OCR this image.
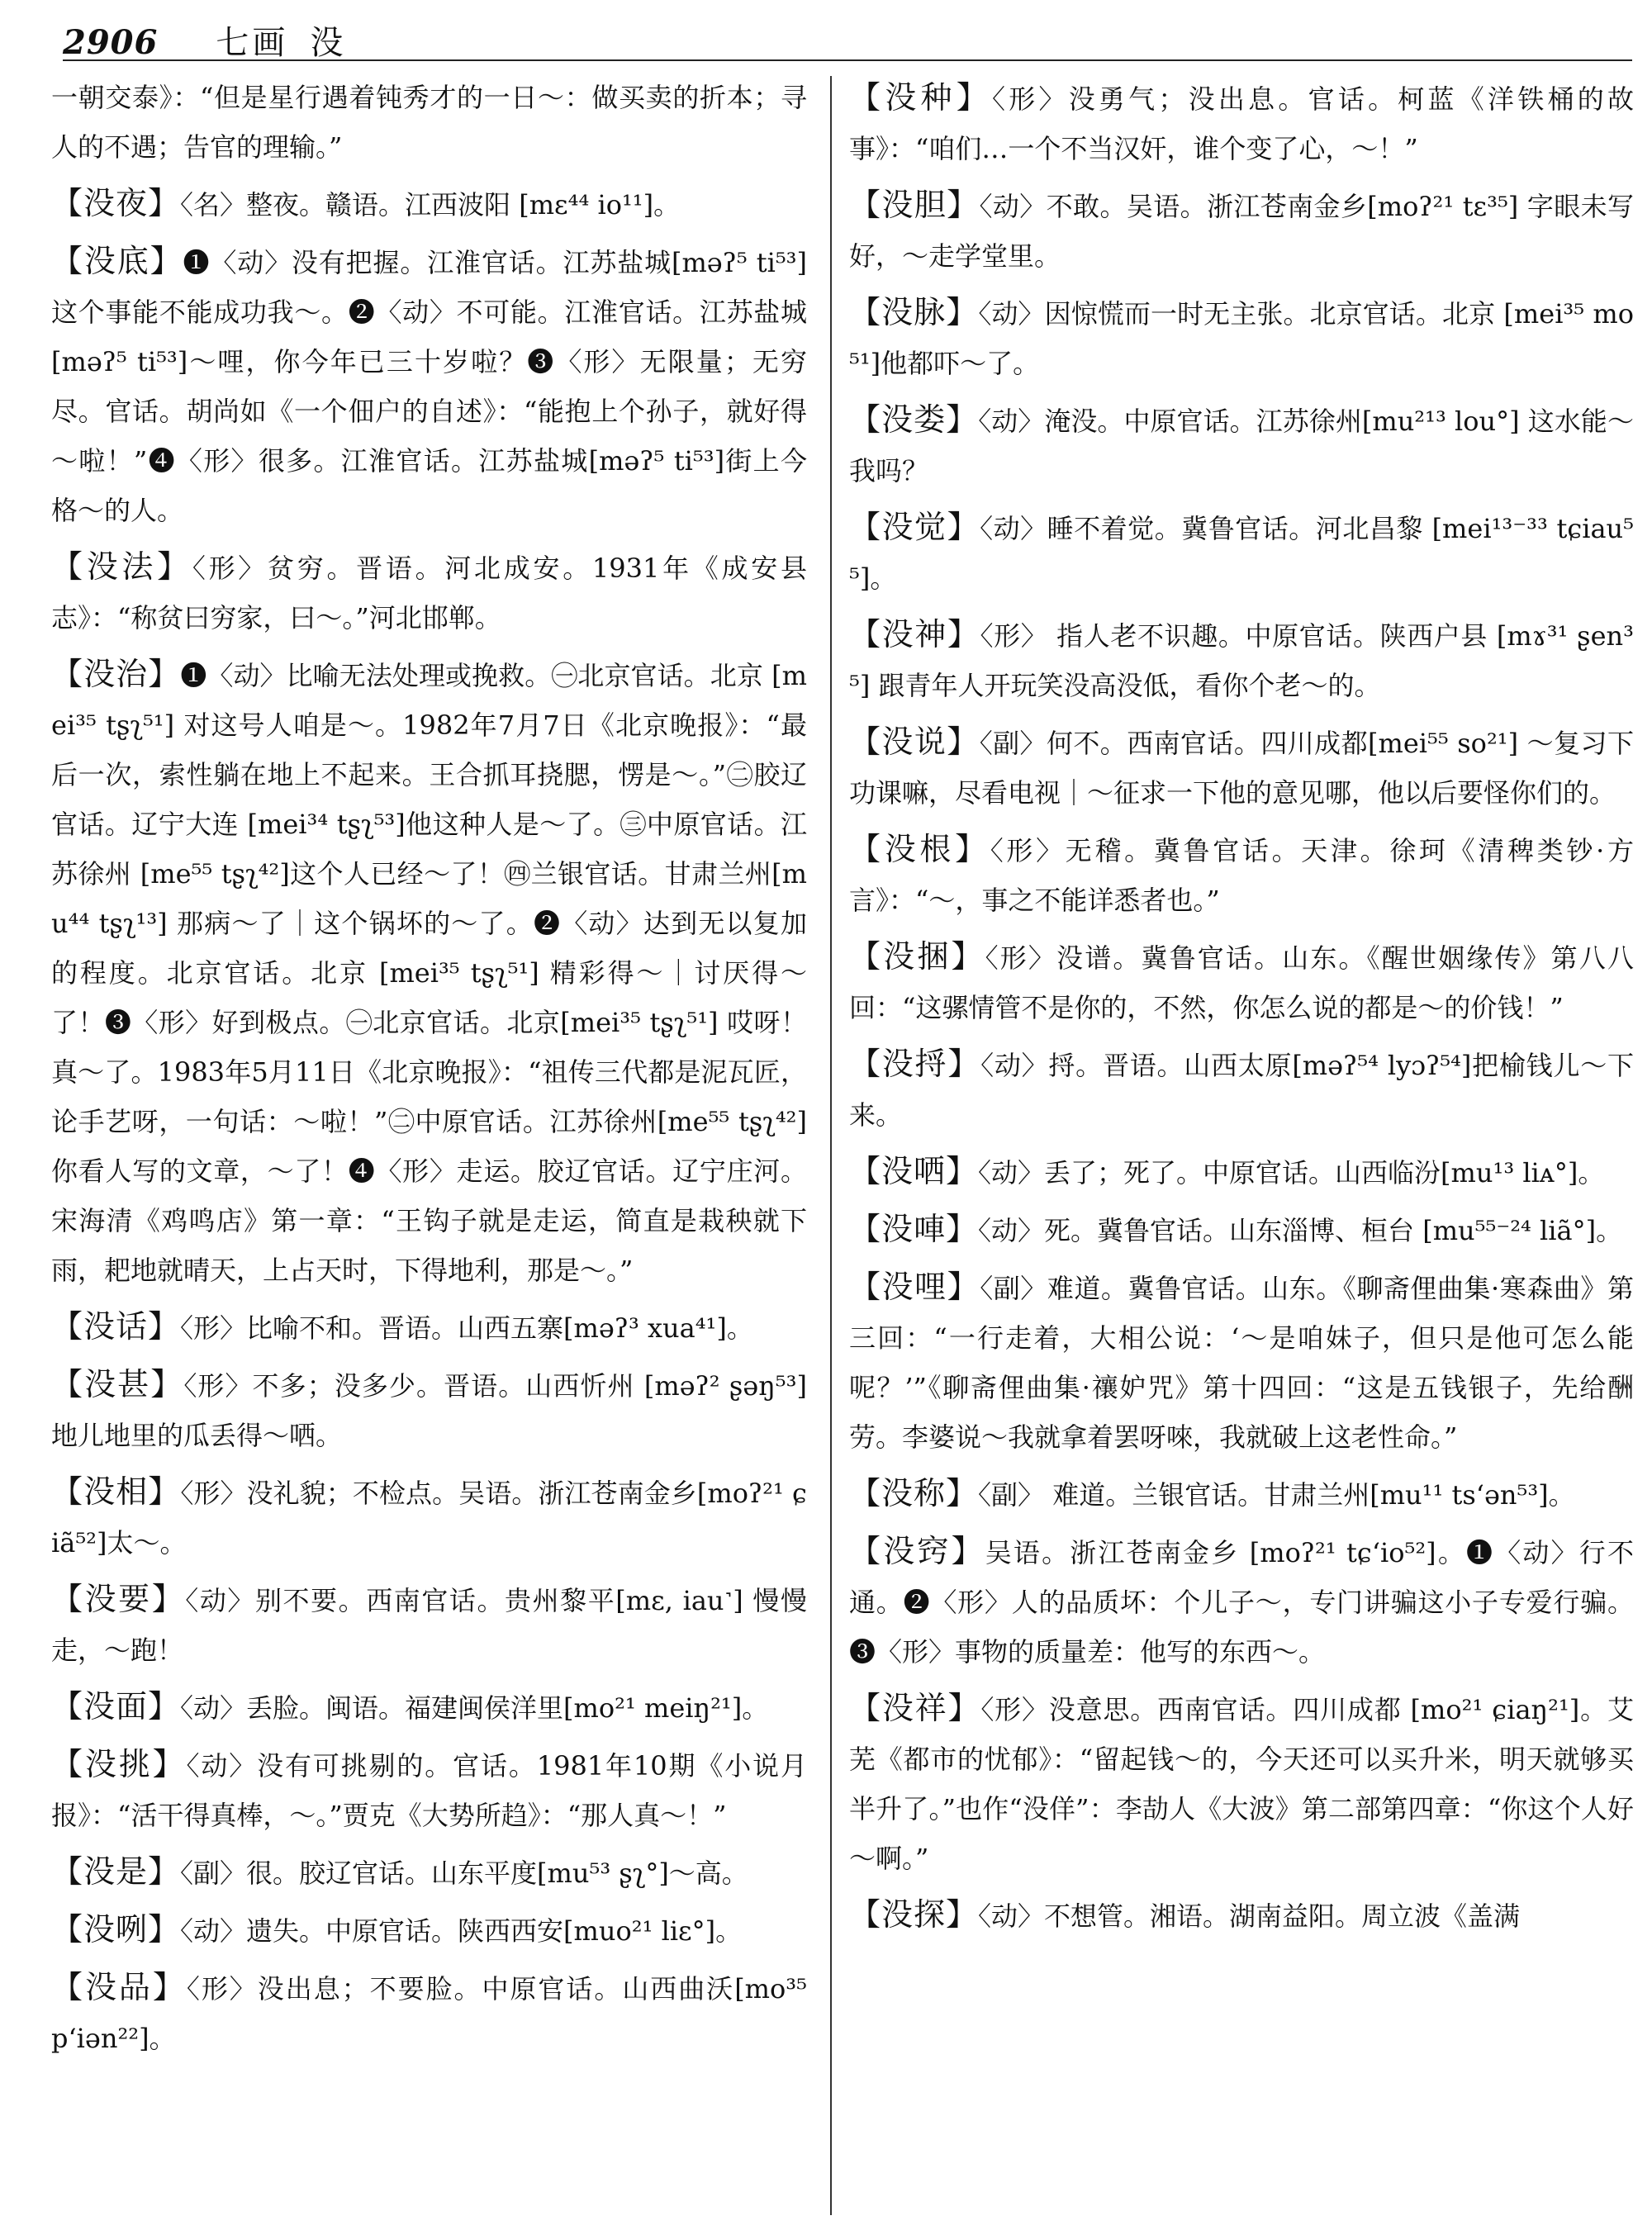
2906 七画 没
一朝交泰》：“但是星行遇着钝秀才的一日～：做买卖的折本；寻人的不遇；告官的理输。”

【没夜】〈名〉整夜。赣语。江西波阳 [mɛ⁴⁴ io¹¹]。

【没底】❶〈动〉没有把握。江淮官话。江苏盐城[məʔ⁵ ti⁵³]这个事能不能成功我～。❷〈动〉不可能。江淮官话。江苏盐城[məʔ⁵ ti⁵³]～哩，你今年已三十岁啦？❸〈形〉无限量；无穷尽。官话。胡尚如《一个佃户的自述》：“能抱上个孙子，就好得～啦！”❹〈形〉很多。江淮官话。江苏盐城[məʔ⁵ ti⁵³]街上今格～的人。

【没法】〈形〉贫穷。晋语。河北成安。1931年《成安县志》：“称贫曰穷家，曰～。”河北邯郸。

【没治】❶〈动〉比喻无法处理或挽救。㊀北京官话。北京 [mei³⁵ tʂʅ⁵¹] 对这号人咱是～。1982年7月7日《北京晚报》：“最后一次，索性躺在地上不起来。王合抓耳挠腮，愣是～。”㊁胶辽官话。辽宁大连 [mei³⁴ tʂʅ⁵³]他这种人是～了。㊂中原官话。江苏徐州 [me⁵⁵ tʂʅ⁴²]这个人已经～了！㊃兰银官话。甘肃兰州[mu⁴⁴ tʂʅ¹³] 那病～了｜这个锅坏的～了。❷〈动〉达到无以复加的程度。北京官话。北京 [mei³⁵ tʂʅ⁵¹] 精彩得～｜讨厌得～了！❸〈形〉好到极点。㊀北京官话。北京[mei³⁵ tʂʅ⁵¹] 哎呀！真～了。1983年5月11日《北京晚报》：“祖传三代都是泥瓦匠，论手艺呀，一句话：～啦！”㊁中原官话。江苏徐州[me⁵⁵ tʂʅ⁴²]你看人写的文章，～了！❹〈形〉走运。胶辽官话。辽宁庄河。宋海清《鸡鸣店》第一章：“王钩子就是走运，简直是栽秧就下雨，耙地就晴天，上占天时，下得地利，那是～。”

【没话】〈形〉比喻不和。晋语。山西五寨[məʔ³ xua⁴¹]。

【没甚】〈形〉不多；没多少。晋语。山西忻州 [məʔ² ʂəŋ⁵³]地儿地里的瓜丢得～哂。

【没相】〈形〉没礼貌；不检点。吴语。浙江苍南金乡[moʔ²¹ ɕiã⁵²]太～。

【没要】〈动〉别不要。西南官话。贵州黎平[mɛ, iau˺] 慢慢走，～跑！

【没面】〈动〉丢脸。闽语。福建闽侯洋里[mo²¹ meiŋ²¹]。

【没挑】〈动〉没有可挑剔的。官话。1981年10期《小说月报》：“活干得真棒，～。”贾克《大势所趋》：“那人真～！”

【没是】〈副〉很。胶辽官话。山东平度[mu⁵³ ʂʅ°]～高。

【没咧】〈动〉遗失。中原官话。陕西西安[muo²¹ liɛ°]。

【没品】〈形〉没出息；不要脸。中原官话。山西曲沃[mo³⁵ p‘iən²²]。

【没种】〈形〉没勇气；没出息。官话。柯蓝《洋铁桶的故事》：“咱们…一个不当汉奸，谁个变了心，～！”

【没胆】〈动〉不敢。吴语。浙江苍南金乡[moʔ²¹ tɛ³⁵] 字眼未写好，～走学堂里。

【没脉】〈动〉因惊慌而一时无主张。北京官话。北京 [mei³⁵ mo⁵¹]他都吓～了。

【没娄】〈动〉淹没。中原官话。江苏徐州[mu²¹³ lou°] 这水能～我吗？

【没觉】〈动〉睡不着觉。冀鲁官话。河北昌黎 [mei¹³⁻³³ tɕiau⁵⁵]。

【没神】〈形〉 指人老不识趣。中原官话。陕西户县 [mɤ³¹ ʂen³⁵] 跟青年人开玩笑没高没低，看你个老～的。

【没说】〈副〉何不。西南官话。四川成都[mei⁵⁵ so²¹] ～复习下功课嘛，尽看电视｜～征求一下他的意见哪，他以后要怪你们的。

【没根】〈形〉无稽。冀鲁官话。天津。徐珂《清稗类钞·方言》：“～，事之不能详悉者也。”

【没捆】〈形〉没谱。冀鲁官话。山东。《醒世姻缘传》第八八回：“这骡情管不是你的，不然，你怎么说的都是～的价钱！”

【没捋】〈动〉捋。晋语。山西太原[məʔ⁵⁴ lyɔʔ⁵⁴]把榆钱儿～下来。

【没哂】〈动〉丢了；死了。中原官话。山西临汾[mu¹³ liᴀ°]。

【没唓】〈动〉死。冀鲁官话。山东淄博、桓台 [mu⁵⁵⁻²⁴ liã°]。

【没哩】〈副〉难道。冀鲁官话。山东。《聊斋俚曲集·寒森曲》第三回：“一行走着，大相公说：‘～是咱妹子，但只是他可怎么能呢？’”《聊斋俚曲集·禳妒咒》第十四回：“这是五钱银子，先给酬劳。李婆说～我就拿着罢呀唻，我就破上这老性命。”

【没称】〈副〉 难道。兰银官话。甘肃兰州[mu¹¹ ts‘ən⁵³]。

【没窍】吴语。浙江苍南金乡 [moʔ²¹ tɕ‘io⁵²]。❶〈动〉行不通。❷〈形〉人的品质坏：个儿子～，专门讲骗这小子专爱行骗。❸〈形〉事物的质量差：他写的东西～。

【没祥】〈形〉没意思。西南官话。四川成都 [mo²¹ ɕiaŋ²¹]。艾芜《都市的忧郁》：“留起钱～的，今天还可以买升米，明天就够买半升了。”也作“没佯”：李劼人《大波》第二部第四章：“你这个人好～啊。”

【没探】〈动〉不想管。湘语。湖南益阳。周立波《盖满
